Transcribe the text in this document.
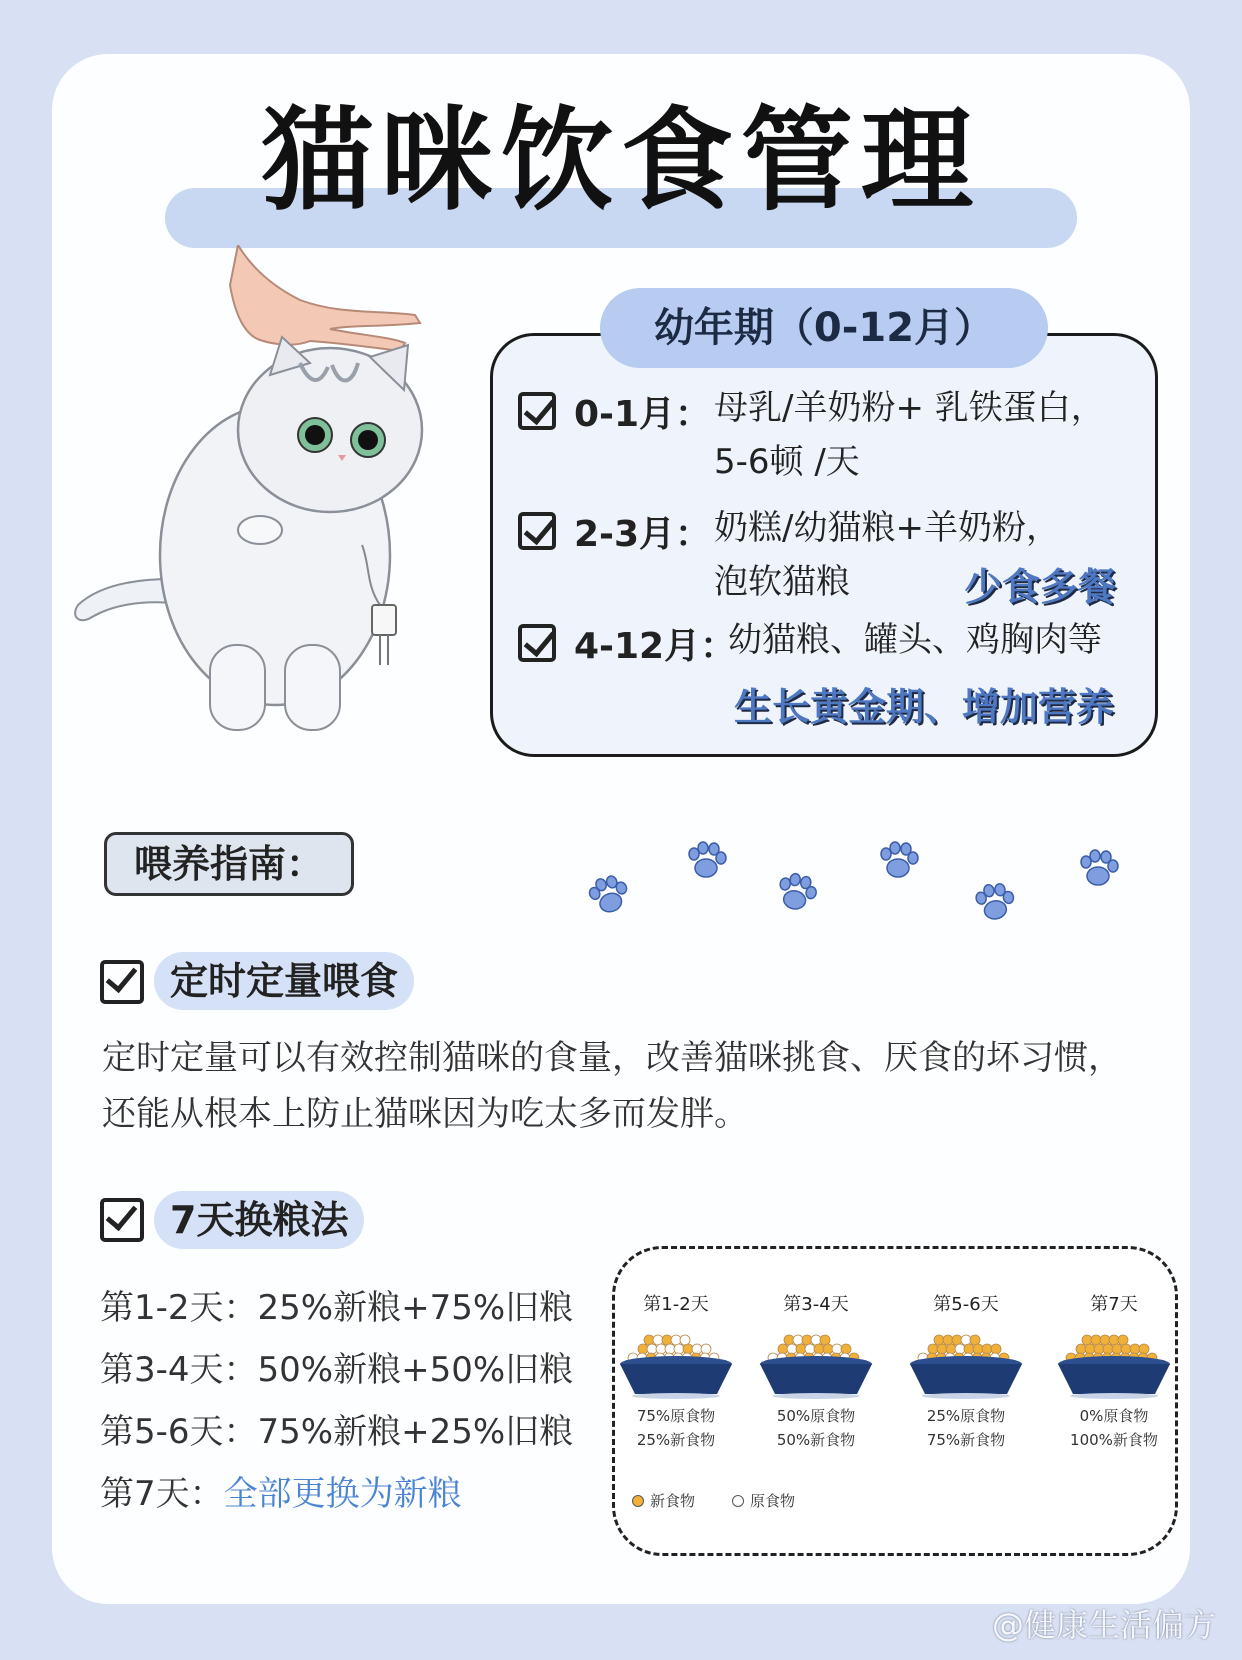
猫咪饮食管理
幼年期（0-12月）
0-1月： 母乳/羊奶粉+ 乳铁蛋白，
5-6顿 /天
2-3月： 奶糕/幼猫粮+羊奶粉，
泡软猫粮	少食多餐
4-12月：
幼猫粮、罐头、鸡胸肉等
生长黄金期、增加营养
喂养指南：
定时定量喂食
定时定量可以有效控制猫咪的食量，改善猫咪挑食、厌食的坏习惯，还能从根本上防止猫咪因为吃太多而发胖。
7天换粮法
第1-2天：25%新粮+75%旧粮
第3-4天：50%新粮+50%旧粮
第5-6天：75%新粮+25%旧粮
第7天：全部更换为新粮
第1-2天
75%原食物
25%新食物
第3-4天
50%原食物
50%新食物
第5-6天
25%原食物
75%新食物
第7天
0%原食物
100%新食物
新食物	原食物
@健康生活偏方
